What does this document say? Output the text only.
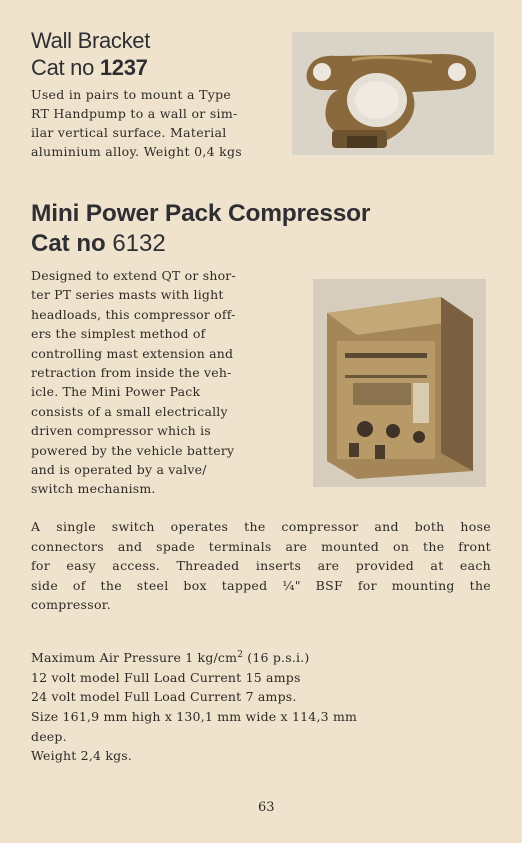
Wall Bracket
Cat no 1237
Used in pairs to mount a Type
RT Handpump to a wall or sim-
ilar vertical surface. Material
aluminium alloy. Weight 0,4 kgs
Mini Power Pack Compressor
Cat no 6132
Designed to extend QT or shor-
ter PT series masts with light
headloads, this compressor off-
ers the simplest method of
controlling mast extension and
retraction from inside the veh-
icle. The Mini Power Pack
consists of a small electrically
driven compressor which is
powered by the vehicle battery
and is operated by a valve/
switch mechanism.
A single switch operates the compressor and both hose
connectors and spade terminals are mounted on the front
for easy access. Threaded inserts are provided at each
side of the steel box tapped ¼" BSF for mounting the
compressor.
Maximum Air Pressure 1 $kg/cm^2$ (16 p.s.i.)
12 volt model Full Load Current 15 amps
24 volt model Full Load Current 7 amps.
Size 161,9 mm high x 130,1 mm wide x 114,3 mm
deep.
Weight 2,4 kgs.
63
